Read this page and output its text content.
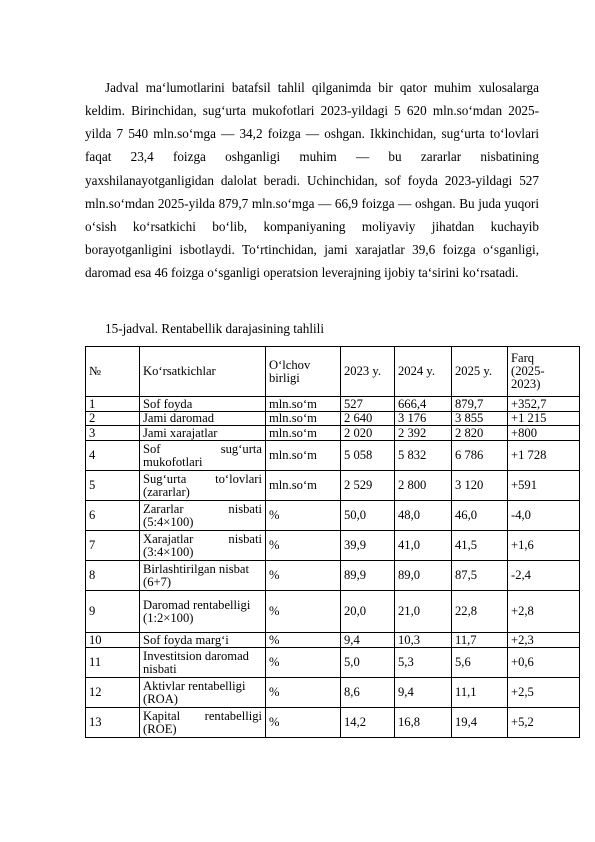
Jadval ma‘lumotlarini batafsil tahlil qilganimda bir qator muhim xulosalarga keldim. Birinchidan, sug‘urta mukofotlari 2023-yildagi 5 620 mln.so‘mdan 2025-yilda 7 540 mln.so‘mga — 34,2 foizga — oshgan. Ikkinchidan, sug‘urta to‘lovlari faqat 23,4 foizga oshganligi muhim — bu zararlar nisbatining yaxshilanayotganligidan dalolat beradi. Uchinchidan, sof foyda 2023-yildagi 527 mln.so‘mdan 2025-yilda 879,7 mln.so‘mga — 66,9 foizga — oshgan. Bu juda yuqori o‘sish ko‘rsatkichi bo‘lib, kompaniyaning moliyaviy jihatdan kuchayib borayotganligini isbotlaydi. To‘rtinchidan, jami xarajatlar 39,6 foizga o‘sganligi, daromad esa 46 foizga o‘sganligi operatsion leverajning ijobiy ta‘sirini ko‘rsatadi.

15-jadval. Rentabellik darajasining tahlili

№	Ko‘rsatkichlar	O‘lchov birligi	2023 y.	2024 y.	2025 y.	Farq (2025-2023)
1	Sof foyda	mln.so‘m	527	666,4	879,7	+352,7
2	Jami daromad	mln.so‘m	2 640	3 176	3 855	+1 215
3	Jami xarajatlar	mln.so‘m	2 020	2 392	2 820	+800
4	Sof sug‘urta mukofotlari	mln.so‘m	5 058	5 832	6 786	+1 728
5	Sug‘urta to‘lovlari (zararlar)	mln.so‘m	2 529	2 800	3 120	+591
6	Zararlar nisbati (5:4×100)	%	50,0	48,0	46,0	-4,0
7	Xarajatlar nisbati (3:4×100)	%	39,9	41,0	41,5	+1,6
8	Birlashtirilgan nisbat (6+7)	%	89,9	89,0	87,5	-2,4
9	Daromad rentabelligi (1:2×100)	%	20,0	21,0	22,8	+2,8
10	Sof foyda marg‘i	%	9,4	10,3	11,7	+2,3
11	Investitsion daromad nisbati	%	5,0	5,3	5,6	+0,6
12	Aktivlar rentabelligi (ROA)	%	8,6	9,4	11,1	+2,5
13	Kapital rentabelligi (ROE)	%	14,2	16,8	19,4	+5,2
